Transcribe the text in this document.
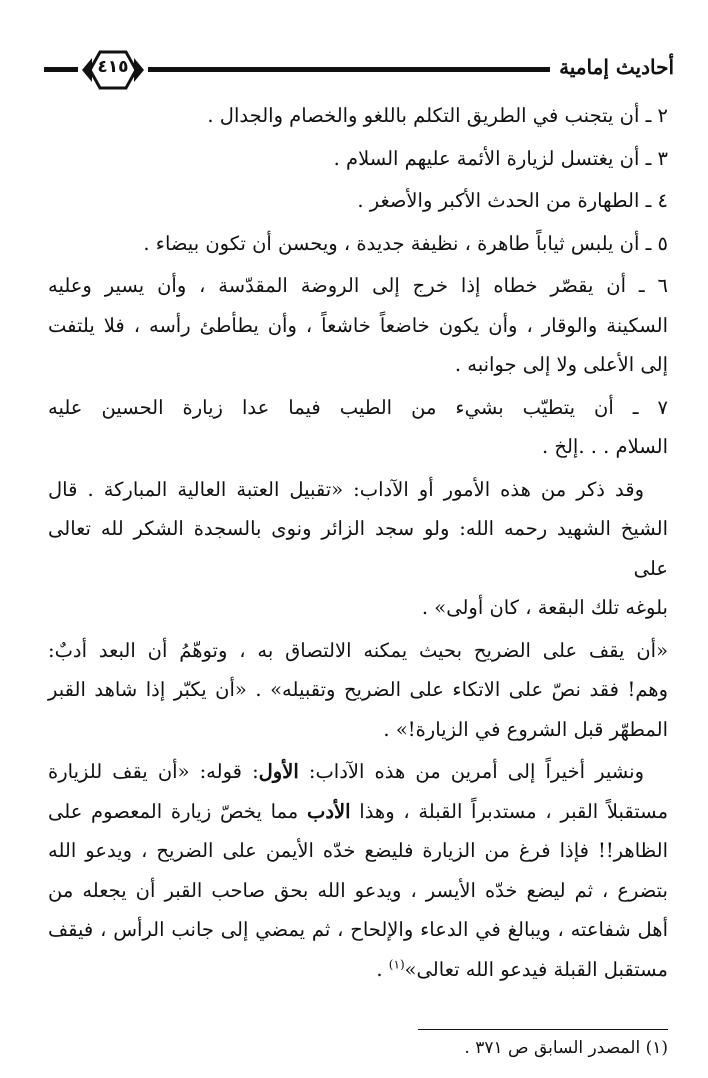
٤١٥	أحاديث إمامية

٢ ـ أن يتجنب في الطريق التكلم باللغو والخصام والجدال .

٣ ـ أن يغتسل لزيارة الأئمة عليهم السلام .

٤ ـ الطهارة من الحدث الأكبر والأصغر .

٥ ـ أن يلبس ثياباً طاهرة ، نظيفة جديدة ، ويحسن أن تكون بيضاء .

٦ ـ أن يقصّر خطاه إذا خرج إلى الروضة المقدّسة ، وأن يسير وعليه
السكينة والوقار ، وأن يكون خاضعاً خاشعاً ، وأن يطأطئ رأسه ، فلا يلتفت
إلى الأعلى ولا إلى جوانبه .

٧ ـ أن يتطيّب بشيء من الطيب فيما عدا زيارة الحسين عليه
السلام . . .إلخ .

وقد ذكر من هذه الأمور أو الآداب: «تقبيل العتبة العالية المباركة . قال
الشيخ الشهيد رحمه الله: ولو سجد الزائر ونوى بالسجدة الشكر لله تعالى على
بلوغه تلك البقعة ، كان أولى» .

«أن يقف على الضريح بحيث يمكنه الالتصاق به ، وتوهّمُ أن البعد أدبٌ:
وهم! فقد نصّ على الاتكاء على الضريح وتقبيله» . «أن يكبّر إذا شاهد القبر
المطهّر قبل الشروع في الزيارة!» .

ونشير أخيراً إلى أمرين من هذه الآداب: الأول: قوله: «أن يقف للزيارة
مستقبلاً القبر ، مستدبراً القبلة ، وهذا الأدب مما يخصّ زيارة المعصوم على
الظاهر!! فإذا فرغ من الزيارة فليضع خدّه الأيمن على الضريح ، ويدعو الله
بتضرع ، ثم ليضع خدّه الأيسر ، ويدعو الله بحق صاحب القبر أن يجعله من
أهل شفاعته ، ويبالغ في الدعاء والإلحاح ، ثم يمضي إلى جانب الرأس ، فيقف
مستقبل القبلة فيدعو الله تعالى»$^{(١)}$ .

(١) المصدر السابق ص ٣٧١ .
